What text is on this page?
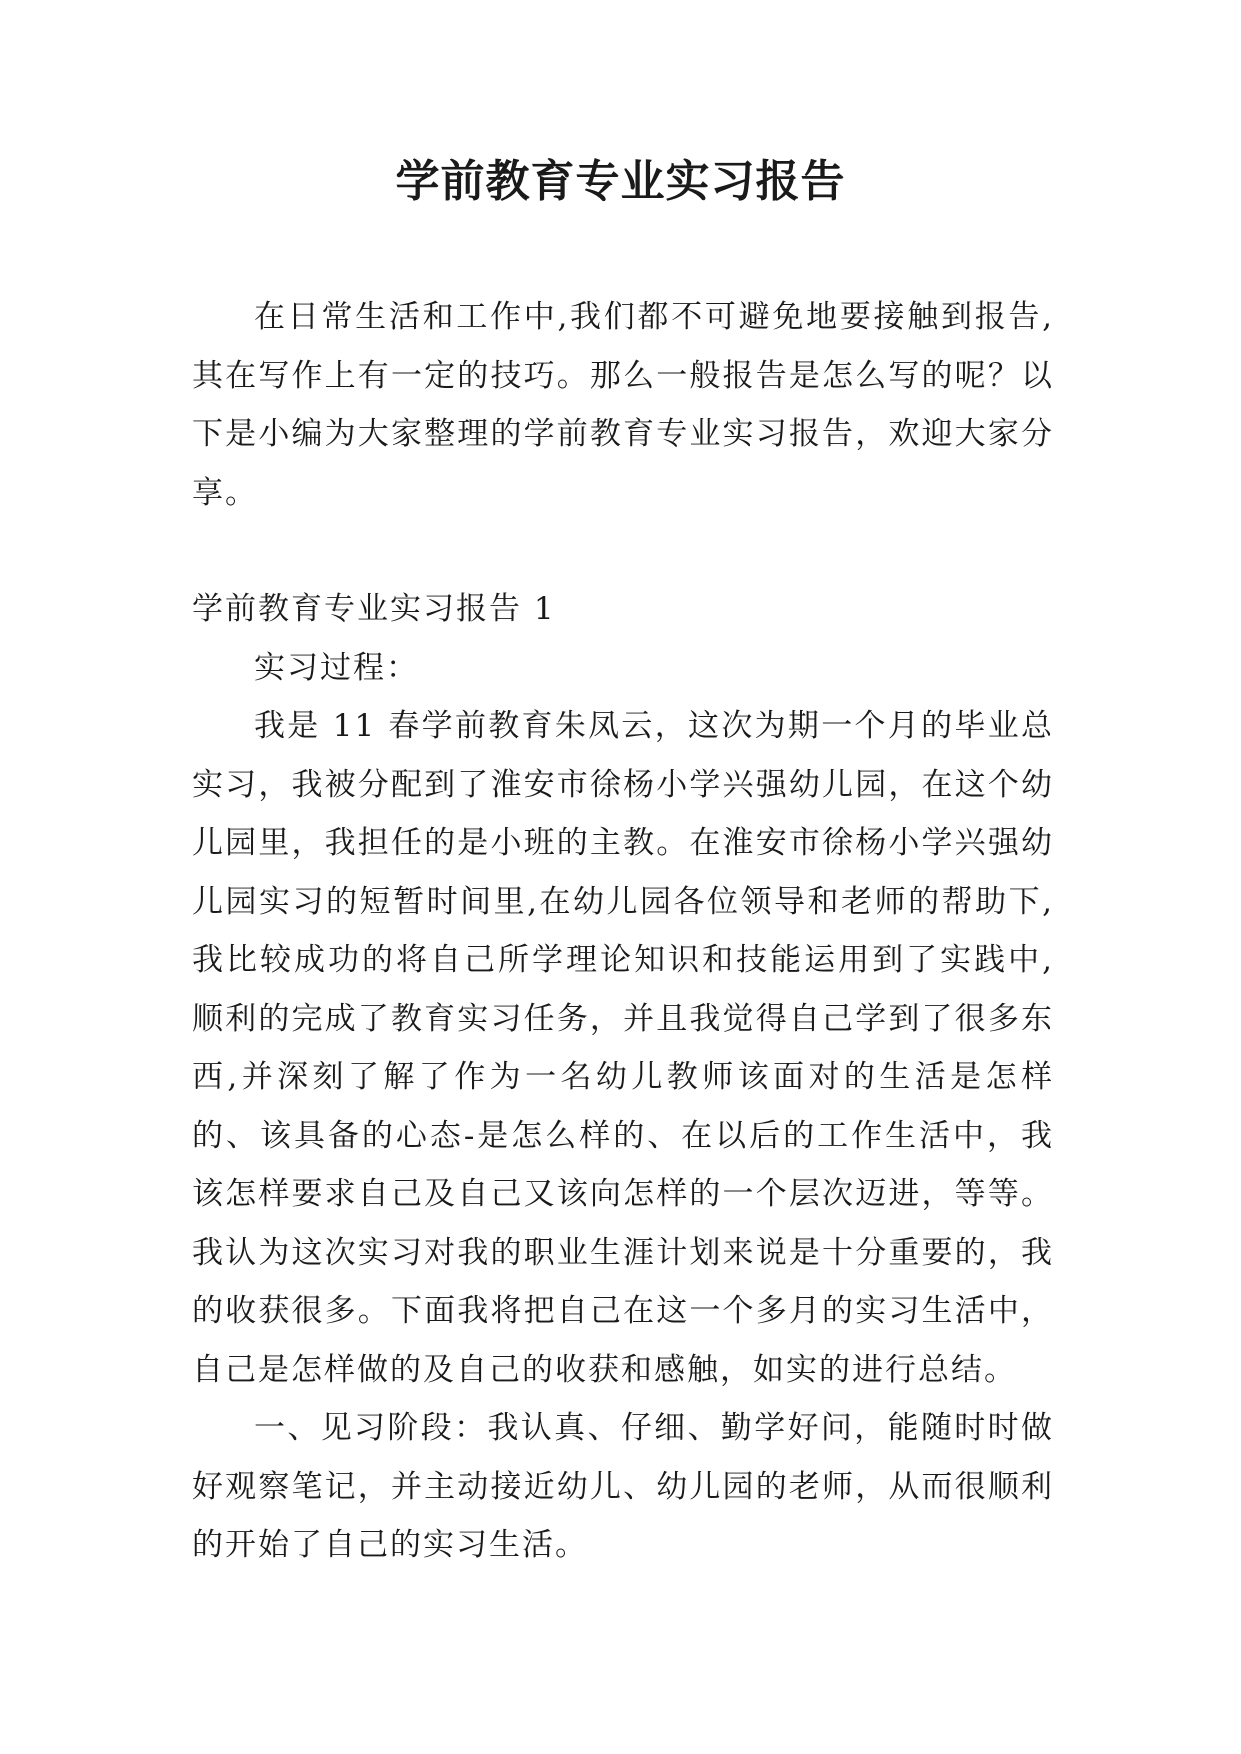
学前教育专业实习报告

在日常生活和工作中,我们都不可避免地要接触到报告,其在写作上有一定的技巧。那么一般报告是怎么写的呢？以下是小编为大家整理的学前教育专业实习报告，欢迎大家分享。

学前教育专业实习报告 1

实习过程：

我是 11 春学前教育朱凤云，这次为期一个月的毕业总实习，我被分配到了淮安市徐杨小学兴强幼儿园，在这个幼儿园里，我担任的是小班的主教。在淮安市徐杨小学兴强幼儿园实习的短暂时间里,在幼儿园各位领导和老师的帮助下,我比较成功的将自己所学理论知识和技能运用到了实践中,顺利的完成了教育实习任务，并且我觉得自己学到了很多东西,并深刻了解了作为一名幼儿教师该面对的生活是怎样的、该具备的心态-是怎么样的、在以后的工作生活中，我该怎样要求自己及自己又该向怎样的一个层次迈进，等等。我认为这次实习对我的职业生涯计划来说是十分重要的，我的收获很多。下面我将把自己在这一个多月的实习生活中，自己是怎样做的及自己的收获和感触，如实的进行总结。

一、见习阶段：我认真、仔细、勤学好问，能随时时做好观察笔记，并主动接近幼儿、幼儿园的老师，从而很顺利的开始了自己的实习生活。
